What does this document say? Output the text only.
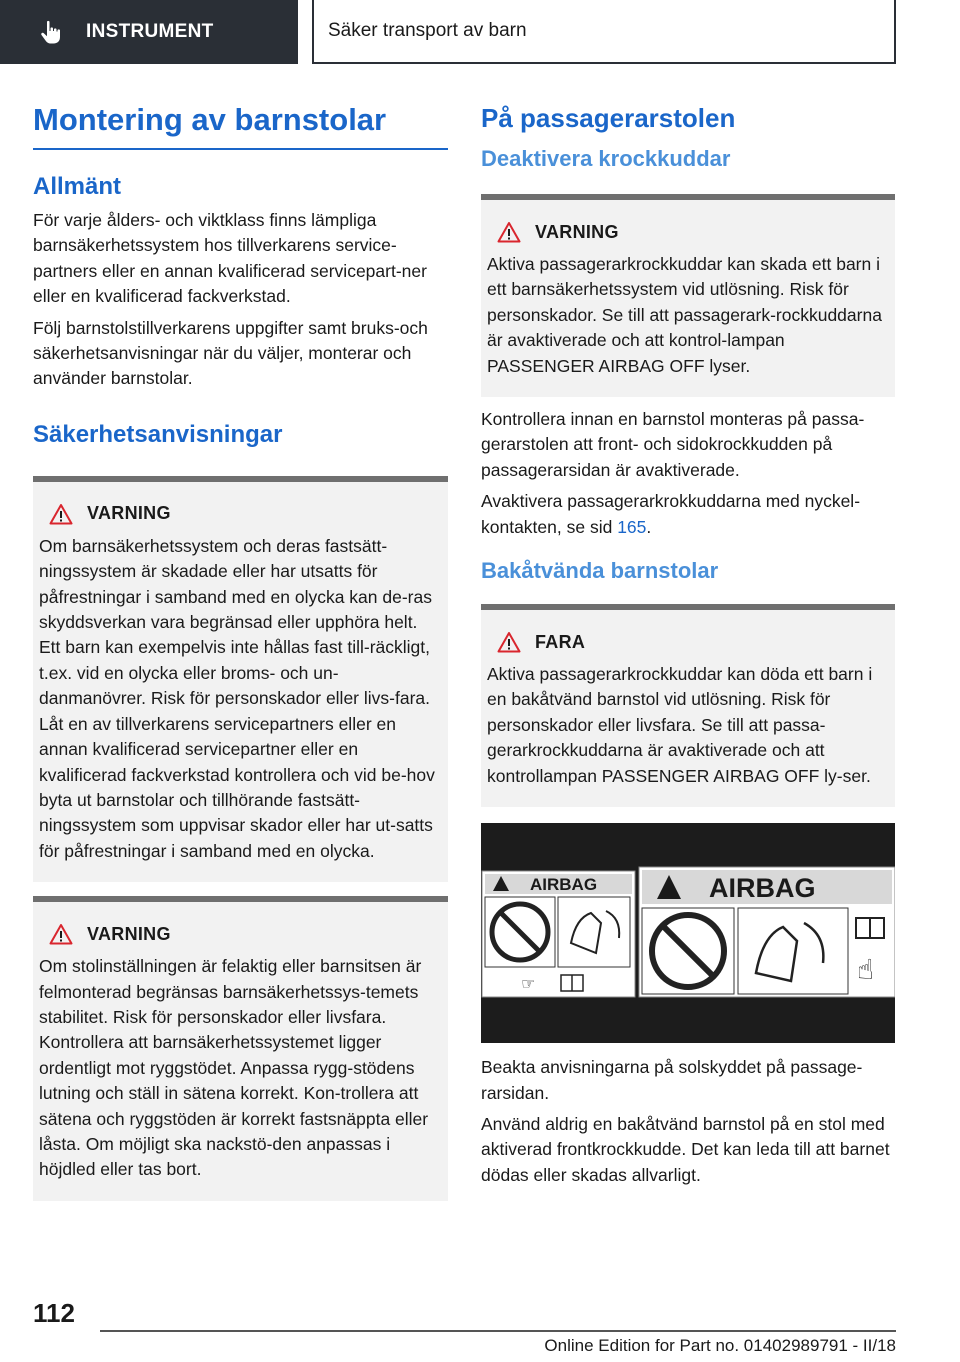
INSTRUMENT	Säker transport av barn
Montering av barnstolar
Allmänt

För varje ålders- och viktklass finns lämpliga barnsäkerhetssystem hos tillverkarens service-partners eller en annan kvalificerad servicepart-ner eller en kvalificerad fackverkstad.

Följ barnstolstillverkarens uppgifter samt bruks-och säkerhetsanvisningar när du väljer, monterar och använder barnstolar.

Säkerhetsanvisningar
VARNING

Om barnsäkerhetssystem och deras fastsätt-ningssystem är skadade eller har utsatts för påfrestningar i samband med en olycka kan de-ras skyddsverkan vara begränsad eller upphöra helt. Ett barn kan exempelvis inte hållas fast till-räckligt, t.ex. vid en olycka eller broms- och un-danmanövrer. Risk för personskador eller livs-fara. Låt en av tillverkarens servicepartners eller en annan kvalificerad servicepartner eller en kvalificerad fackverkstad kontrollera och vid be-hov byta ut barnstolar och tillhörande fastsätt-ningssystem som uppvisar skador eller har ut-satts för påfrestningar i samband med en olycka.

VARNING

Om stolinställningen är felaktig eller barnsitsen är felmonterad begränsas barnsäkerhetssys-temets stabilitet. Risk för personskador eller livsfara. Kontrollera att barnsäkerhetssystemet ligger ordentligt mot ryggstödet. Anpassa rygg-stödens lutning och ställ in sätena korrekt. Kon-trollera att sätena och ryggstöden är korrekt fastsnäppta eller låsta. Om möjligt ska nackstö-den anpassas i höjdled eller tas bort.

På passagerarstolen
Deaktivera krockkuddar
VARNING

Aktiva passagerarkrockkuddar kan skada ett barn i ett barnsäkerhetssystem vid utlösning. Risk för personskador. Se till att passagerark-rockkuddarna är avaktiverade och att kontrol-lampan PASSENGER AIRBAG OFF lyser.

Kontrollera innan en barnstol monteras på passa-gerarstolen att front- och sidokrockkudden på passagerarsidan är avaktiverade.

Avaktivera passagerarkrokkuddarna med nyckel-kontakten, se sid 165.

Bakåtvända barnstolar
FARA

Aktiva passagerarkrockkuddar kan döda ett barn i en bakåtvänd barnstol vid utlösning. Risk för personskador eller livsfara. Se till att passa-gerarkrockkuddarna är avaktiverade och att kontrollampan PASSENGER AIRBAG OFF ly-ser.

AIRBAG
☞
AIRBAG
☝

Beakta anvisningarna på solskyddet på passage-rarsidan.

Använd aldrig en bakåtvänd barnstol på en stol med aktiverad frontkrockkudde. Det kan leda till att barnet dödas eller skadas allvarligt.

112
Online Edition for Part no. 01402989791 - II/18
